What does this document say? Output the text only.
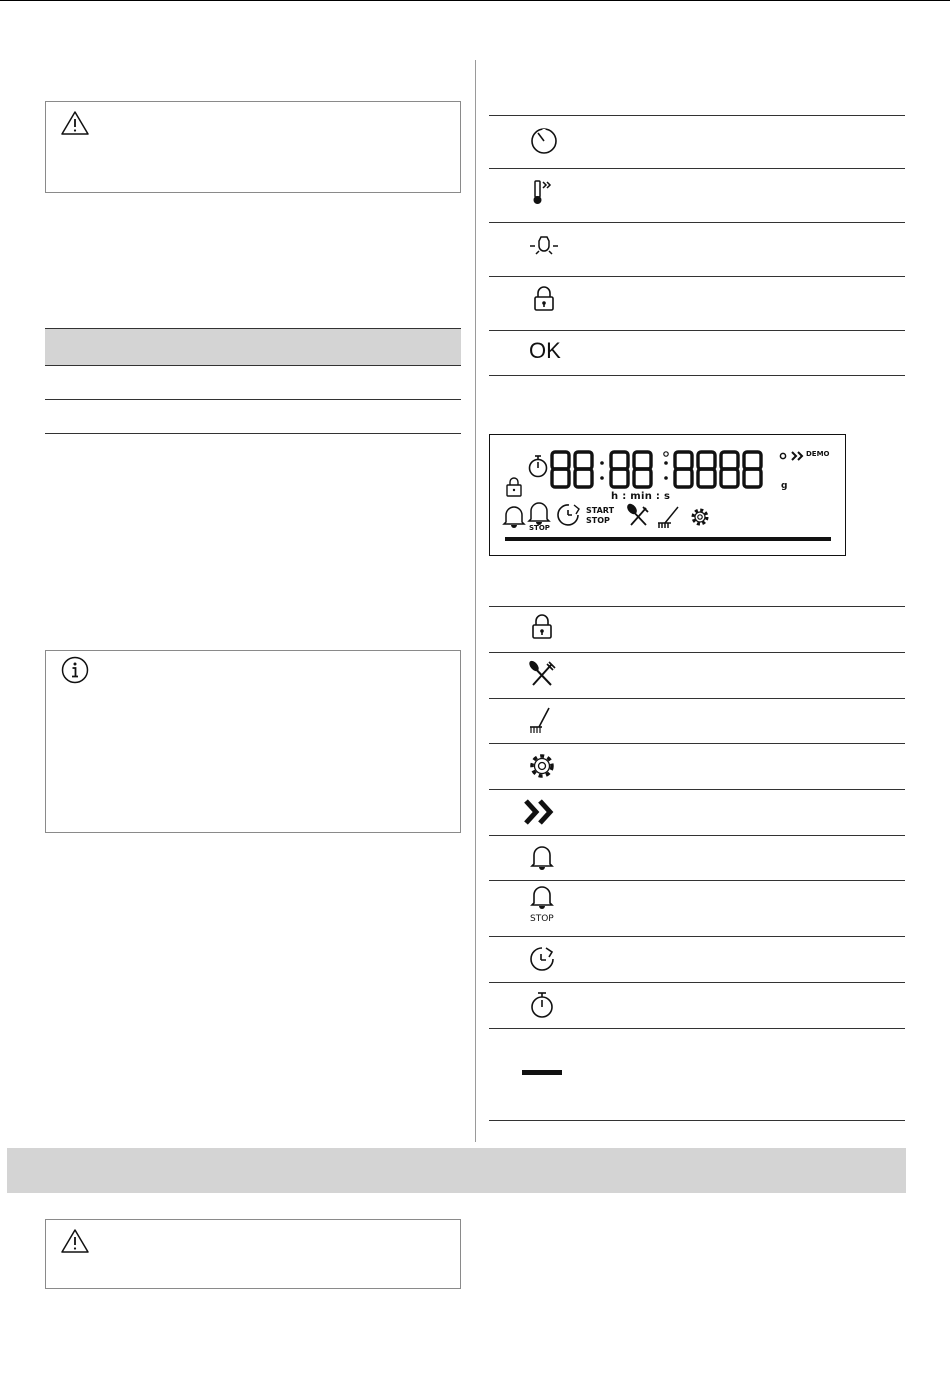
OK
DEMO
h : min : s
g
START
STOP
STOP
STOP
